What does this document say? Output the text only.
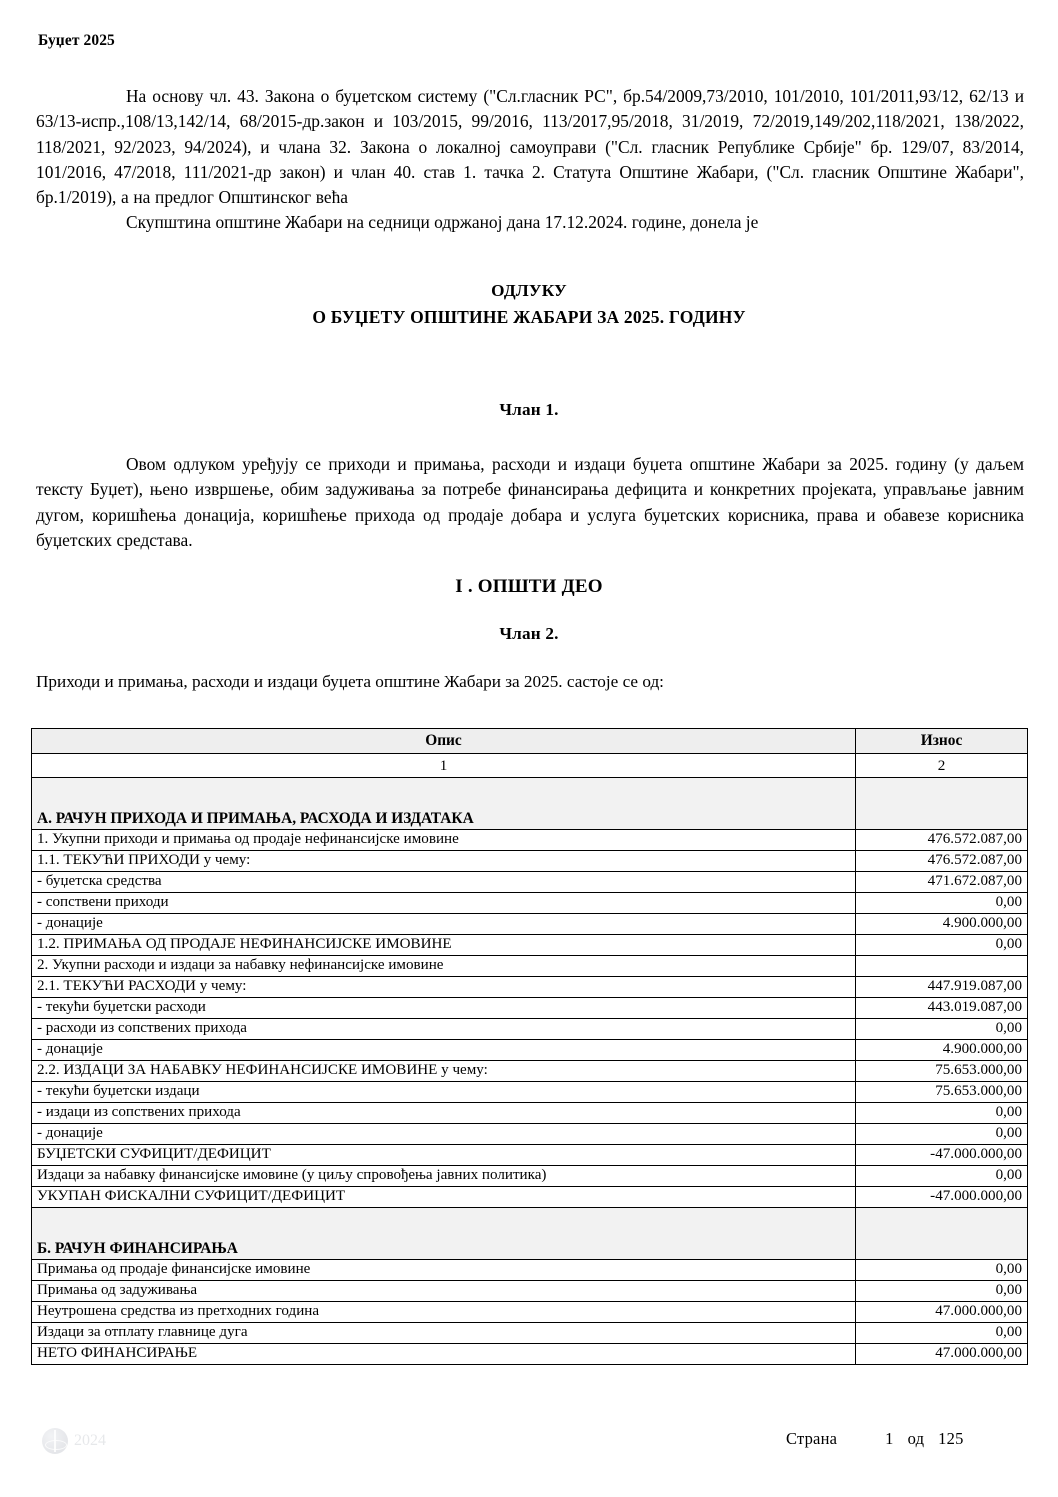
Буџет 2025

На основу чл. 43. Закона о буџетском систему ("Сл.гласник РС", бр.54/2009,73/2010, 101/2010, 101/2011,93/12, 62/13 и 63/13-испр.,108/13,142/14, 68/2015-др.закон и 103/2015, 99/2016, 113/2017,95/2018, 31/2019, 72/2019,149/202,118/2021, 138/2022, 118/2021, 92/2023, 94/2024), и члана 32. Закона о локалној самоуправи ("Сл. гласник Републике Србије" бр. 129/07, 83/2014, 101/2016, 47/2018, 111/2021-др закон) и члан 40. став 1. тачка 2. Статута Општине Жабари, ("Сл. гласник Општине Жабари", бр.1/2019), а на предлог Општинског већа

Скупштина општине Жабари на седници одржаној дана 17.12.2024. године, донела је

ОДЛУКУ

О БУЏЕТУ ОПШТИНЕ ЖАБАРИ ЗА 2025. ГОДИНУ

Члан 1.

Овом одлуком уређују се приходи и примања, расходи и издаци буџета општине Жабари за 2025. годину (у даљем тексту Буџет), њено извршење, обим задуживања за потребе финансирања дефицита и конкретних пројеката, управљање јавним дугом, коришћења донација, коришћење прихода од продаје добара и услуга буџетских корисника, права и обавезе корисника буџетских средстава.

I . ОПШТИ ДЕО

Члан 2.

Приходи и примања, расходи и издаци буџета општине Жабари за 2025. састоје се од:

Опис	Износ
1	2
А. РАЧУН ПРИХОДА И ПРИМАЊА, РАСХОДА И ИЗДАТАКА	
1. Укупни приходи и примања од продаје нефинансијске имовине	476.572.087,00
1.1. ТЕКУЋИ ПРИХОДИ у чему:	476.572.087,00
- буџетска средства	471.672.087,00
- сопствени приходи	0,00
- донације	4.900.000,00
1.2. ПРИМАЊА ОД ПРОДАЈЕ НЕФИНАНСИЈСКЕ ИМОВИНЕ	0,00
2. Укупни расходи и издаци за набавку нефинансијске имовине	
2.1. ТЕКУЋИ РАСХОДИ у чему:	447.919.087,00
- текући буџетски расходи	443.019.087,00
- расходи из сопствених прихода	0,00
- донације	4.900.000,00
2.2. ИЗДАЦИ ЗА НАБАВКУ НЕФИНАНСИЈСКЕ ИМОВИНЕ у чему:	75.653.000,00
- текући буџетски издаци	75.653.000,00
- издаци из сопствених прихода	0,00
- донације	0,00
БУЏЕТСКИ СУФИЦИТ/ДЕФИЦИТ	-47.000.000,00
Издаци за набавку финансијске имовине (у циљу спровођења јавних политика)	0,00
УКУПАН ФИСКАЛНИ СУФИЦИТ/ДЕФИЦИТ	-47.000.000,00
Б. РАЧУН ФИНАНСИРАЊА	
Примања од продаје финансијске имовине	0,00
Примања од задуживања	0,00
Неутрошена средства из претходних година	47.000.000,00
Издаци за отплату главнице дуга	0,00
НЕТО ФИНАНСИРАЊЕ	47.000.000,00
2024	Страна	1 од 125
